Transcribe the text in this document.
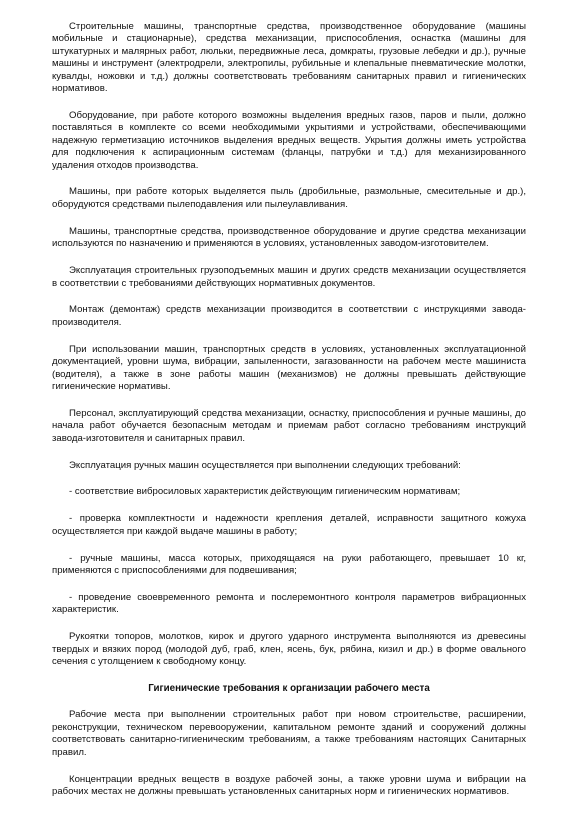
Строительные машины, транспортные средства, производственное оборудование (машины мобильные и стационарные), средства механизации, приспособления, оснастка (машины для штукатурных и малярных работ, люльки, передвижные леса, домкраты, грузовые лебедки и др.), ручные машины и инструмент (электродрели, электропилы, рубильные и клепальные пневматические молотки, кувалды, ножовки и т.д.) должны соответствовать требованиям санитарных правил и гигиенических нормативов.

Оборудование, при работе которого возможны выделения вредных газов, паров и пыли, должно поставляться в комплекте со всеми необходимыми укрытиями и устройствами, обеспечивающими надежную герметизацию источников выделения вредных веществ. Укрытия должны иметь устройства для подключения к аспирационным системам (фланцы, патрубки и т.д.) для механизированного удаления отходов производства.

Машины, при работе которых выделяется пыль (дробильные, размольные, смесительные и др.), оборудуются средствами пылеподавления или пылеулавливания.

Машины, транспортные средства, производственное оборудование и другие средства механизации используются по назначению и применяются в условиях, установленных заводом-изготовителем.

Эксплуатация строительных грузоподъемных машин и других средств механизации осуществляется в соответствии с требованиями действующих нормативных документов.

Монтаж (демонтаж) средств механизации производится в соответствии с инструкциями завода-производителя.

При использовании машин, транспортных средств в условиях, установленных эксплуатационной документацией, уровни шума, вибрации, запыленности, загазованности на рабочем месте машиниста (водителя), а также в зоне работы машин (механизмов) не должны превышать действующие гигиенические нормативы.

Персонал, эксплуатирующий средства механизации, оснастку, приспособления и ручные машины, до начала работ обучается безопасным методам и приемам работ согласно требованиям инструкций завода-изготовителя и санитарных правил.

Эксплуатация ручных машин осуществляется при выполнении следующих требований:

- соответствие вибросиловых характеристик действующим гигиеническим нормативам;

- проверка комплектности и надежности крепления деталей, исправности защитного кожуха осуществляется при каждой выдаче машины в работу;

- ручные машины, масса которых, приходящаяся на руки работающего, превышает 10 кг, применяются с приспособлениями для подвешивания;

- проведение своевременного ремонта и послеремонтного контроля параметров вибрационных характеристик.

Рукоятки топоров, молотков, кирок и другого ударного инструмента выполняются из древесины твердых и вязких пород (молодой дуб, граб, клен, ясень, бук, рябина, кизил и др.) в форме овального сечения с утолщением к свободному концу.

Гигиенические требования к организации рабочего места

Рабочие места при выполнении строительных работ при новом строительстве, расширении, реконструкции, техническом перевооружении, капитальном ремонте зданий и сооружений должны соответствовать санитарно-гигиеническим требованиям, а также требованиям настоящих Санитарных правил.

Концентрации вредных веществ в воздухе рабочей зоны, а также уровни шума и вибрации на рабочих местах не должны превышать установленных санитарных норм и гигиенических нормативов.
